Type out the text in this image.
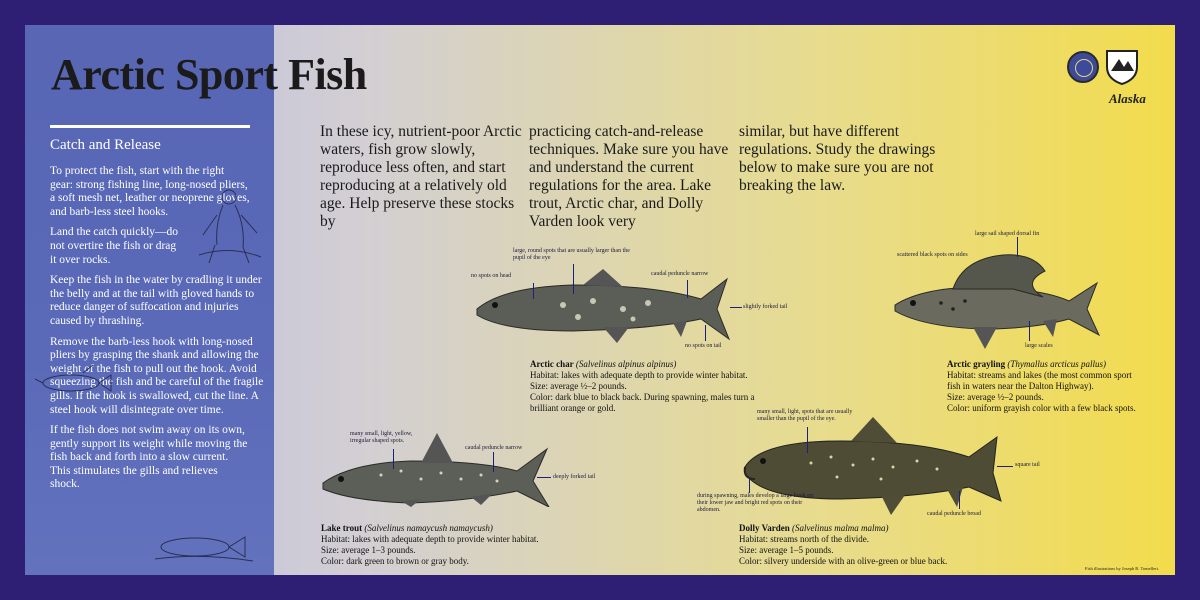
Catch and Release

To protect the fish, start with the right gear: strong fishing line, long-nosed pliers, a soft mesh net, leather or neoprene gloves, and barb-less steel hooks.

Land the catch quickly—do not overtire the fish or drag it over rocks.

Keep the fish in the water by cradling it under the belly and at the tail with gloved hands to reduce danger of suffocation and injuries caused by thrashing.

Remove the barb-less hook with long-nosed pliers by grasping the shank and allowing the weight of the fish to pull out the hook. Avoid squeezing the fish and be careful of the fragile gills. If the hook is swallowed, cut the line. A steel hook will disintegrate over time.

If the fish does not swim away on its own, gently support its weight while moving the fish back and forth into a slow current. This stimulates the gills and relieves shock.

Arctic Sport Fish	Alaska
In these icy, nutrient-poor Arctic waters, fish grow slowly, reproduce less often, and start reproducing at a relatively old age. Help preserve these stocks by
practicing catch-and-release techniques. Make sure you have and understand the current regulations for the area. Lake trout, Arctic char, and Dolly Varden look very
similar, but have different regulations. Study the drawings below to make sure you are not breaking the law.
no spots on head
large, round spots that are usually larger than the pupil of the eye
caudal peduncle narrow
slightly forked tail
no spots on tail
Arctic char (Salvelinus alpinus alpinus)
Habitat: lakes with adequate depth to provide winter habitat.
Size: average ½–2 pounds.
Color: dark blue to black back. During spawning, males turn a brilliant orange or gold.
large sail shaped dorsal fin
scattered black spots on sides
large scales
Arctic grayling (Thymallus arcticus pallus)
Habitat: streams and lakes (the most common sport fish in waters near the Dalton Highway).
Size: average ½–2 pounds.
Color: uniform grayish color with a few black spots.
many small, light, yellow, irregular shaped spots.
caudal peduncle narrow
deeply forked tail
Lake trout (Salvelinus namaycush namaycush)
Habitat: lakes with adequate depth to provide winter habitat.
Size: average 1–3 pounds.
Color: dark green to brown or gray body.
many small, light, spots that are usually smaller than the pupil of the eye.
during spawning, males develop a large hook on their lower jaw and bright red spots on their abdomen.
square tail
caudal peduncle broad
Dolly Varden (Salvelinus malma malma)
Habitat: streams north of the divide.
Size: average 1–5 pounds.
Color: silvery underside with an olive-green or blue back.
Fish illustrations by Joseph R. Tomelleri.
